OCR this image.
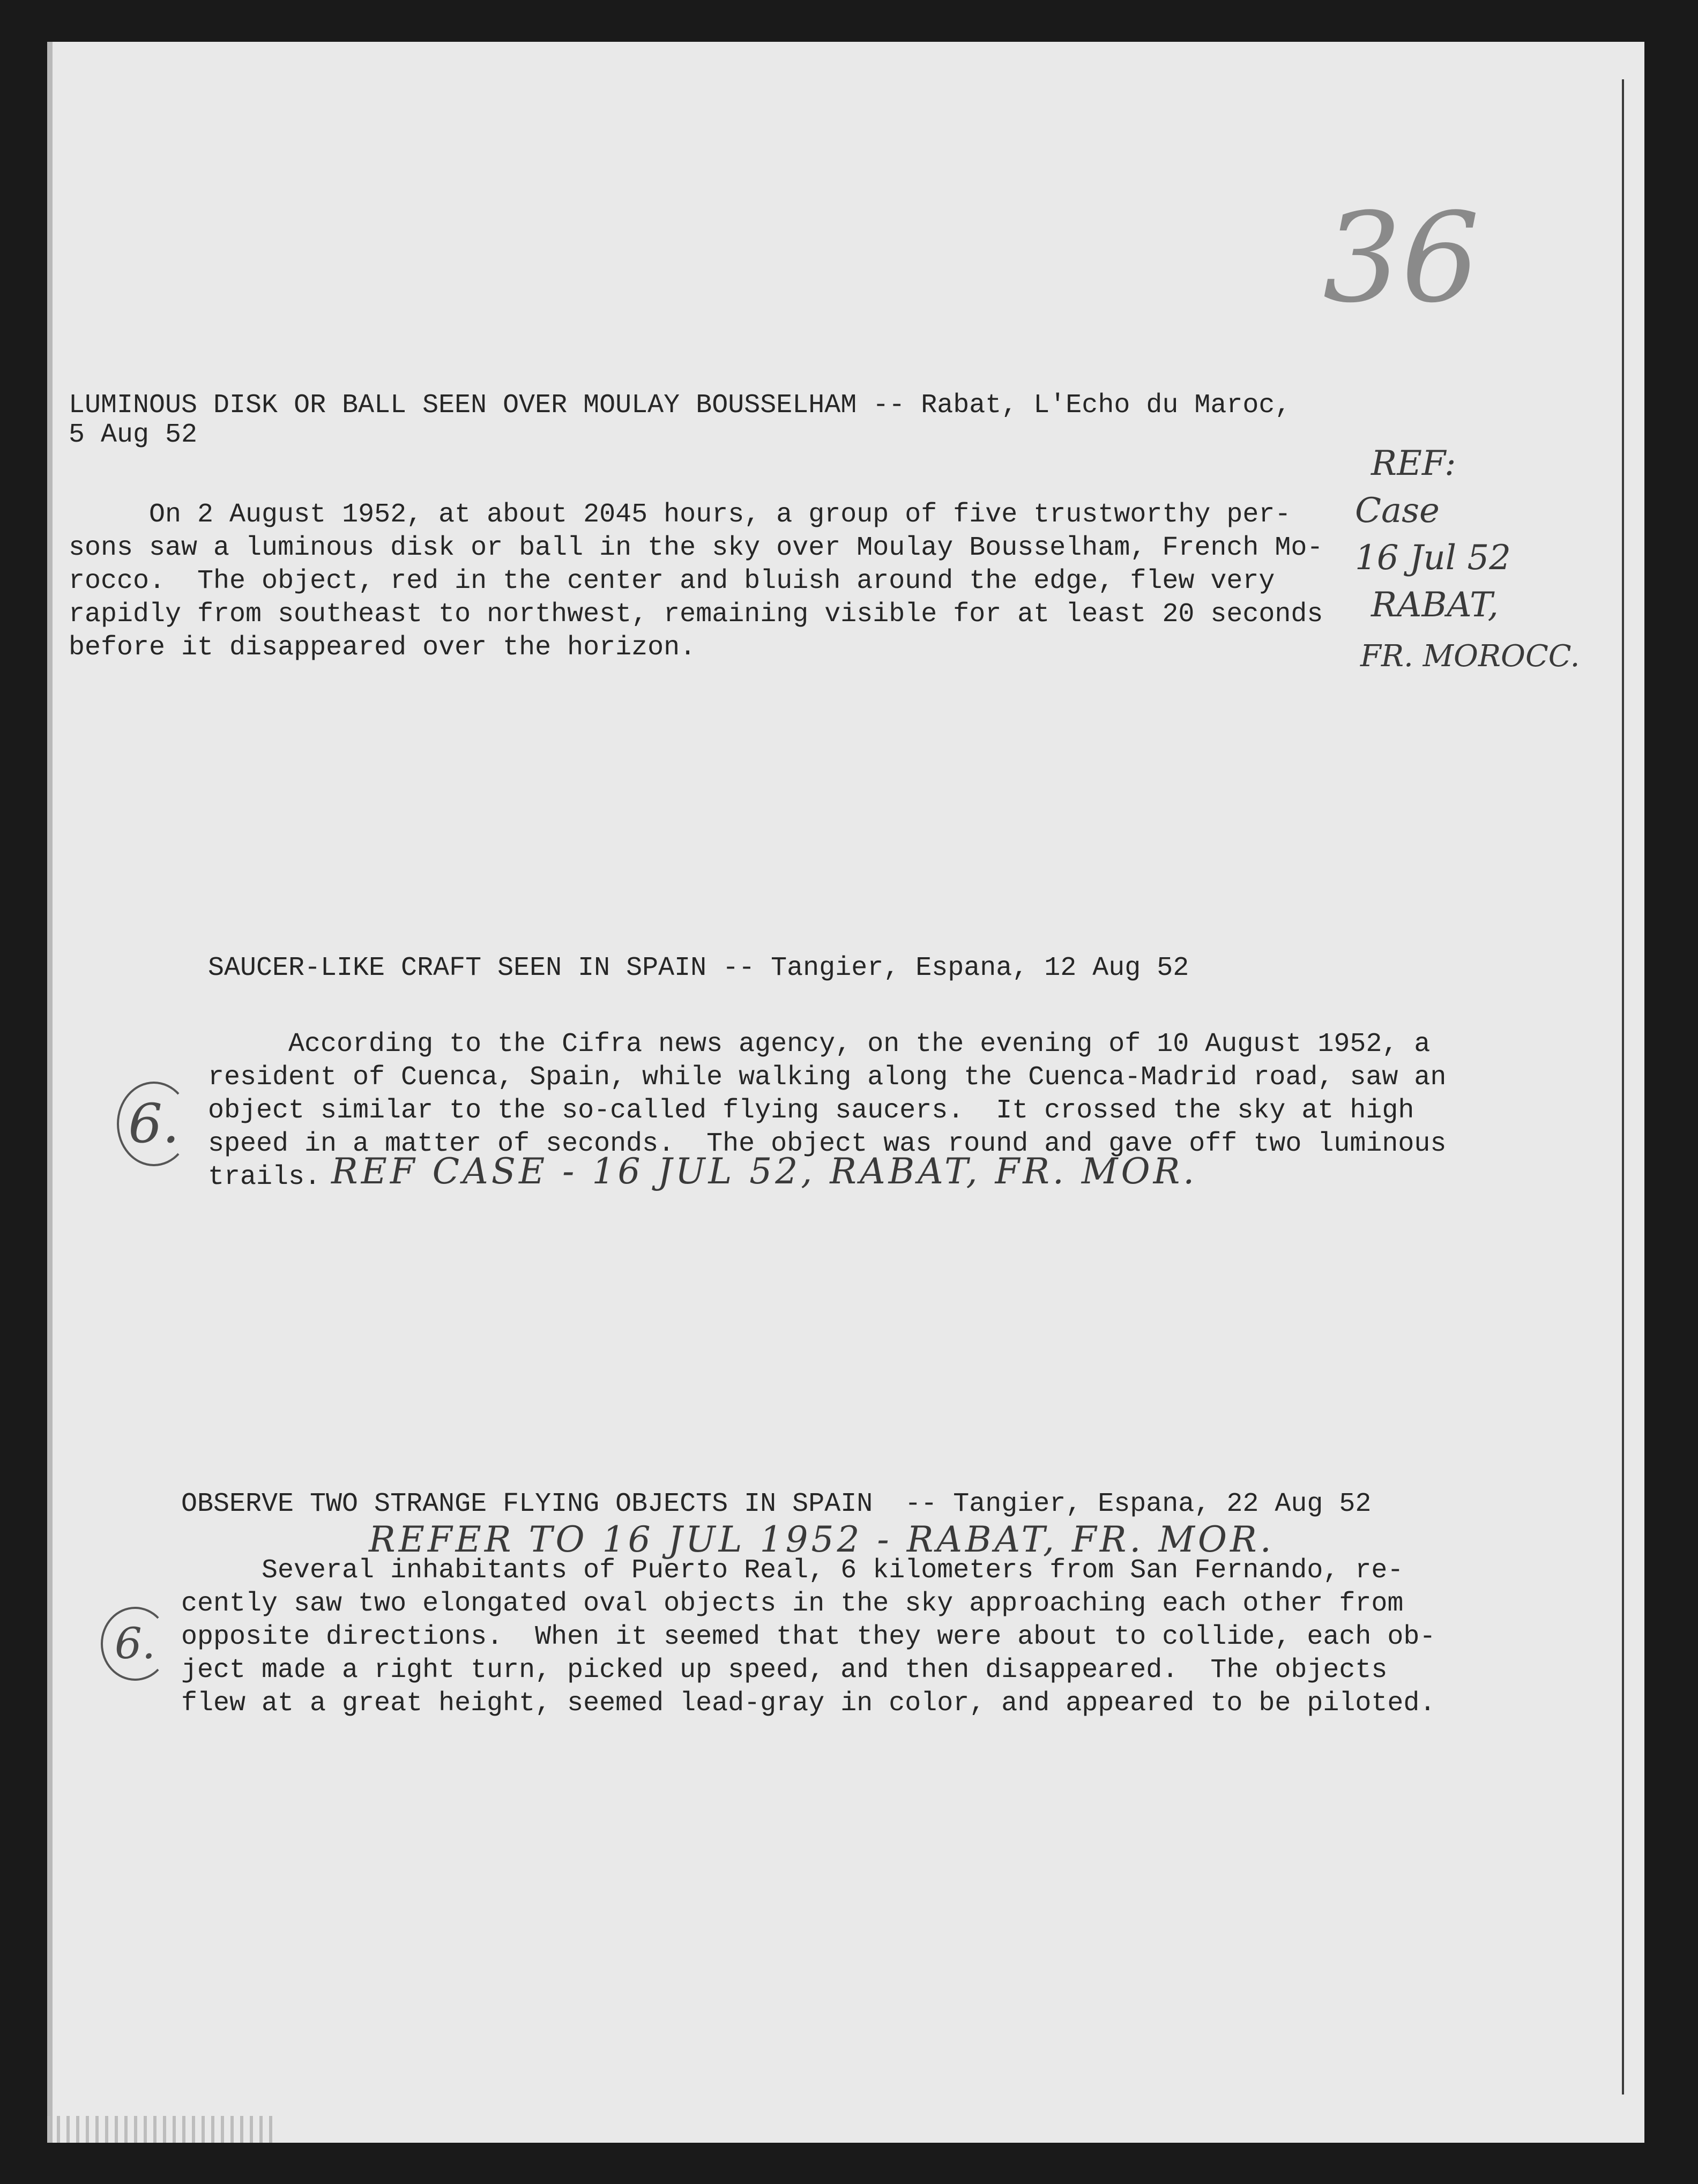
36
LUMINOUS DISK OR BALL SEEN OVER MOULAY BOUSSELHAM -- Rabat, L'Echo du Maroc,
5 Aug 52
On 2 August 1952, at about 2045 hours, a group of five trustworthy per-
sons saw a luminous disk or ball in the sky over Moulay Bousselham, French Mo-
rocco.  The object, red in the center and bluish around the edge, flew very
rapidly from southeast to northwest, remaining visible for at least 20 seconds
before it disappeared over the horizon.
REF:
Case
16 Jul 52
RABAT,
FR. MOROCC.
SAUCER-LIKE CRAFT SEEN IN SPAIN -- Tangier, Espana, 12 Aug 52
6.
According to the Cifra news agency, on the evening of 10 August 1952, a
resident of Cuenca, Spain, while walking along the Cuenca-Madrid road, saw an
object similar to the so-called flying saucers.  It crossed the sky at high
speed in a matter of seconds.  The object was round and gave off two luminous
trails. REF CASE - 16 JUL 52, RABAT, FR. MOR.
OBSERVE TWO STRANGE FLYING OBJECTS IN SPAIN  -- Tangier, Espana, 22 Aug 52
REFER TO 16 JUL 1952 - RABAT, FR. MOR.
6.
Several inhabitants of Puerto Real, 6 kilometers from San Fernando, re-
cently saw two elongated oval objects in the sky approaching each other from
opposite directions.  When it seemed that they were about to collide, each ob-
ject made a right turn, picked up speed, and then disappeared.  The objects
flew at a great height, seemed lead-gray in color, and appeared to be piloted.
